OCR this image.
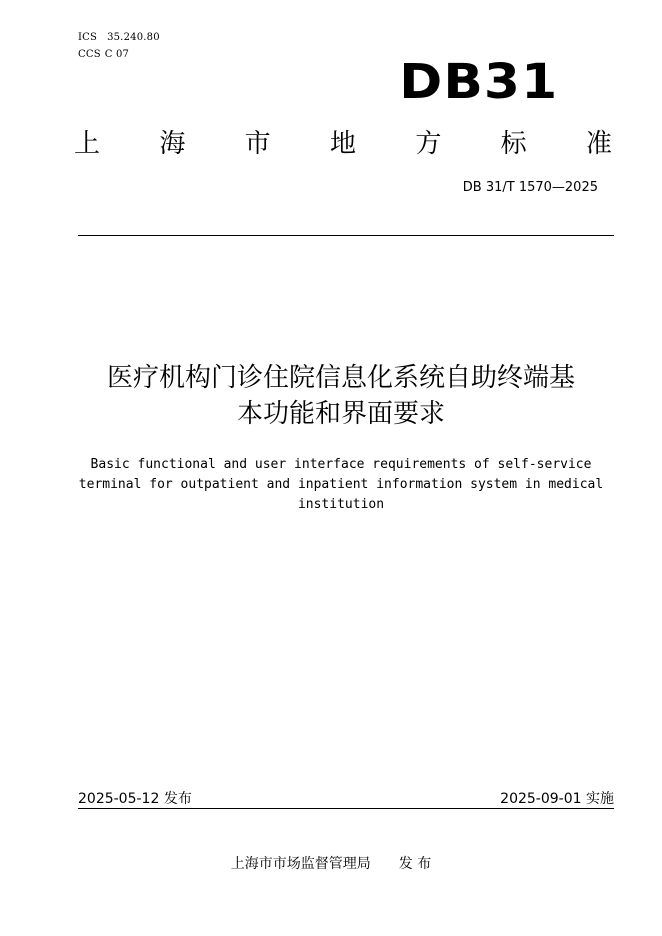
ICS 35.240.80
CCS C 07	DB31
上 海 市 地 方 标 准
DB 31/T 1570—2025
医疗机构门诊住院信息化系统自助终端基
本功能和界面要求
Basic functional and user interface requirements of self-service
terminal for outpatient and inpatient information system in medical
institution
2025-05-12 发布	2025-09-01 实施
上海市市场监督管理局 发 布
